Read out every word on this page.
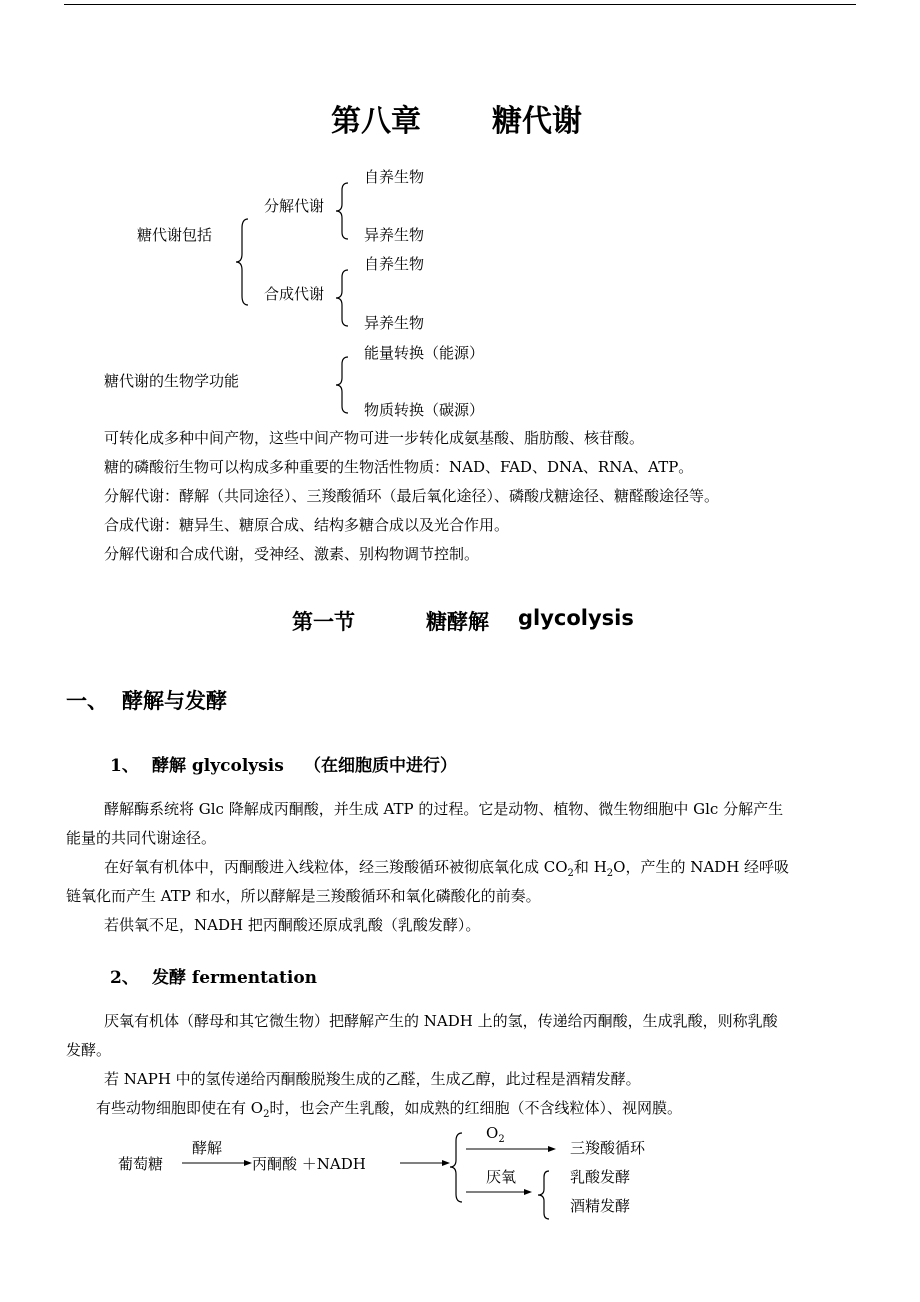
第八章 糖代谢
糖代谢包括
分解代谢
合成代谢
自养生物
异养生物
自养生物
异养生物
糖代谢的生物学功能
能量转换（能源）
物质转换（碳源）
可转化成多种中间产物，这些中间产物可进一步转化成氨基酸、脂肪酸、核苷酸。
糖的磷酸衍生物可以构成多种重要的生物活性物质：NAD、FAD、DNA、RNA、ATP。
分解代谢：酵解（共同途径）、三羧酸循环（最后氧化途径）、磷酸戊糖途径、糖醛酸途径等。
合成代谢：糖异生、糖原合成、结构多糖合成以及光合作用。
分解代谢和合成代谢，受神经、激素、别构物调节控制。
第一节	糖酵解 glycolysis
一、 酵解与发酵
1、 酵解 glycolysis （在细胞质中进行）
酵解酶系统将 Glc 降解成丙酮酸，并生成 ATP 的过程。它是动物、植物、微生物细胞中 Glc 分解产生
能量的共同代谢途径。
在好氧有机体中，丙酮酸进入线粒体，经三羧酸循环被彻底氧化成 $CO_2$和 $H_2O$，产生的 NADH 经呼吸
链氧化而产生 ATP 和水，所以酵解是三羧酸循环和氧化磷酸化的前奏。
若供氧不足，NADH 把丙酮酸还原成乳酸（乳酸发酵）。
2、 发酵 fermentation
厌氧有机体（酵母和其它微生物）把酵解产生的 NADH 上的氢，传递给丙酮酸，生成乳酸，则称乳酸
发酵。
若 NAPH 中的氢传递给丙酮酸脱羧生成的乙醛，生成乙醇，此过程是酒精发酵。
有些动物细胞即使在有 $O_2$时，也会产生乳酸，如成熟的红细胞（不含线粒体）、视网膜。
葡萄糖
酵解
丙酮酸 ＋NADH
$O_2$	三羧酸循环
厌氧	乳酸发酵
酒精发酵
